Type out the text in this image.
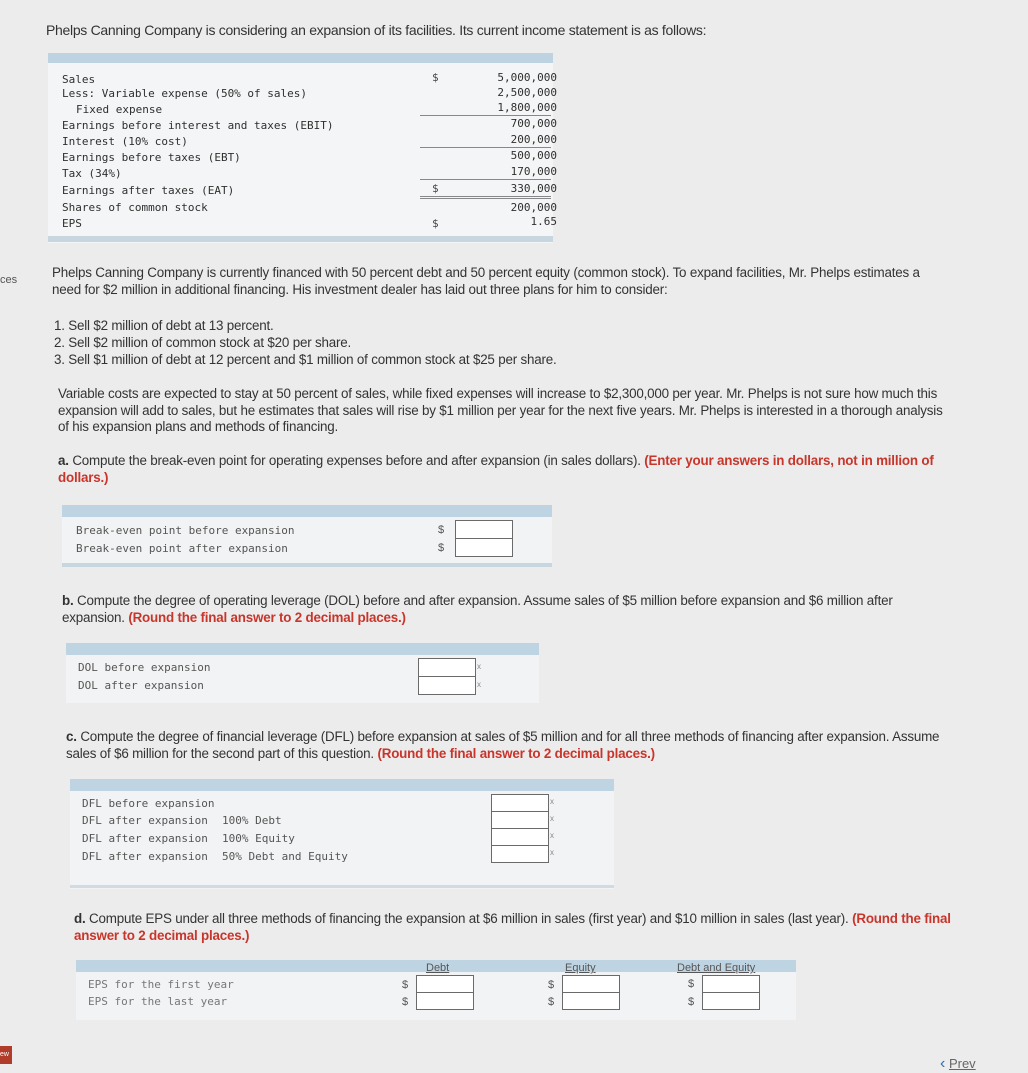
ces
ew
Phelps Canning Company is considering an expansion of its facilities. Its current income statement is as follows:
Sales
Less: Variable expense (50% of sales)
Fixed expense
Earnings before interest and taxes (EBIT)
Interest (10% cost)
Earnings before taxes (EBT)
Tax (34%)
Earnings after taxes (EAT)
Shares of common stock
EPS
$
$
$
5,000,000
2,500,000
1,800,000
700,000
200,000
500,000
170,000
330,000
200,000
1.65
Phelps Canning Company is currently financed with 50 percent debt and 50 percent equity (common stock). To expand facilities, Mr. Phelps estimates a need for $2 million in additional financing. His investment dealer has laid out three plans for him to consider:
1. Sell $2 million of debt at 13 percent.
2. Sell $2 million of common stock at $20 per share.
3. Sell $1 million of debt at 12 percent and $1 million of common stock at $25 per share.
Variable costs are expected to stay at 50 percent of sales, while fixed expenses will increase to $2,300,000 per year. Mr. Phelps is not sure how much this expansion will add to sales, but he estimates that sales will rise by $1 million per year for the next five years. Mr. Phelps is interested in a thorough analysis of his expansion plans and methods of financing.
a. Compute the break-even point for operating expenses before and after expansion (in sales dollars). (Enter your answers in dollars, not in million of dollars.)
Break-even point before expansion
Break-even point after expansion
$
$
b. Compute the degree of operating leverage (DOL) before and after expansion. Assume sales of $5 million before expansion and $6 million after expansion. (Round the final answer to 2 decimal places.)
DOL before expansion
DOL after expansion
x
x
c. Compute the degree of financial leverage (DFL) before expansion at sales of $5 million and for all three methods of financing after expansion. Assume sales of $6 million for the second part of this question. (Round the final answer to 2 decimal places.)
DFL before expansion
DFL after expansion 100% Debt
DFL after expansion 100% Equity
DFL after expansion 50% Debt and Equity
x
x
x
x
d. Compute EPS under all three methods of financing the expansion at $6 million in sales (first year) and $10 million in sales (last year). (Round the final answer to 2 decimal places.)
Debt	Equity	Debt and Equity
EPS for the first year
EPS for the last year
$
$
$
$
$
$
‹ Prev
